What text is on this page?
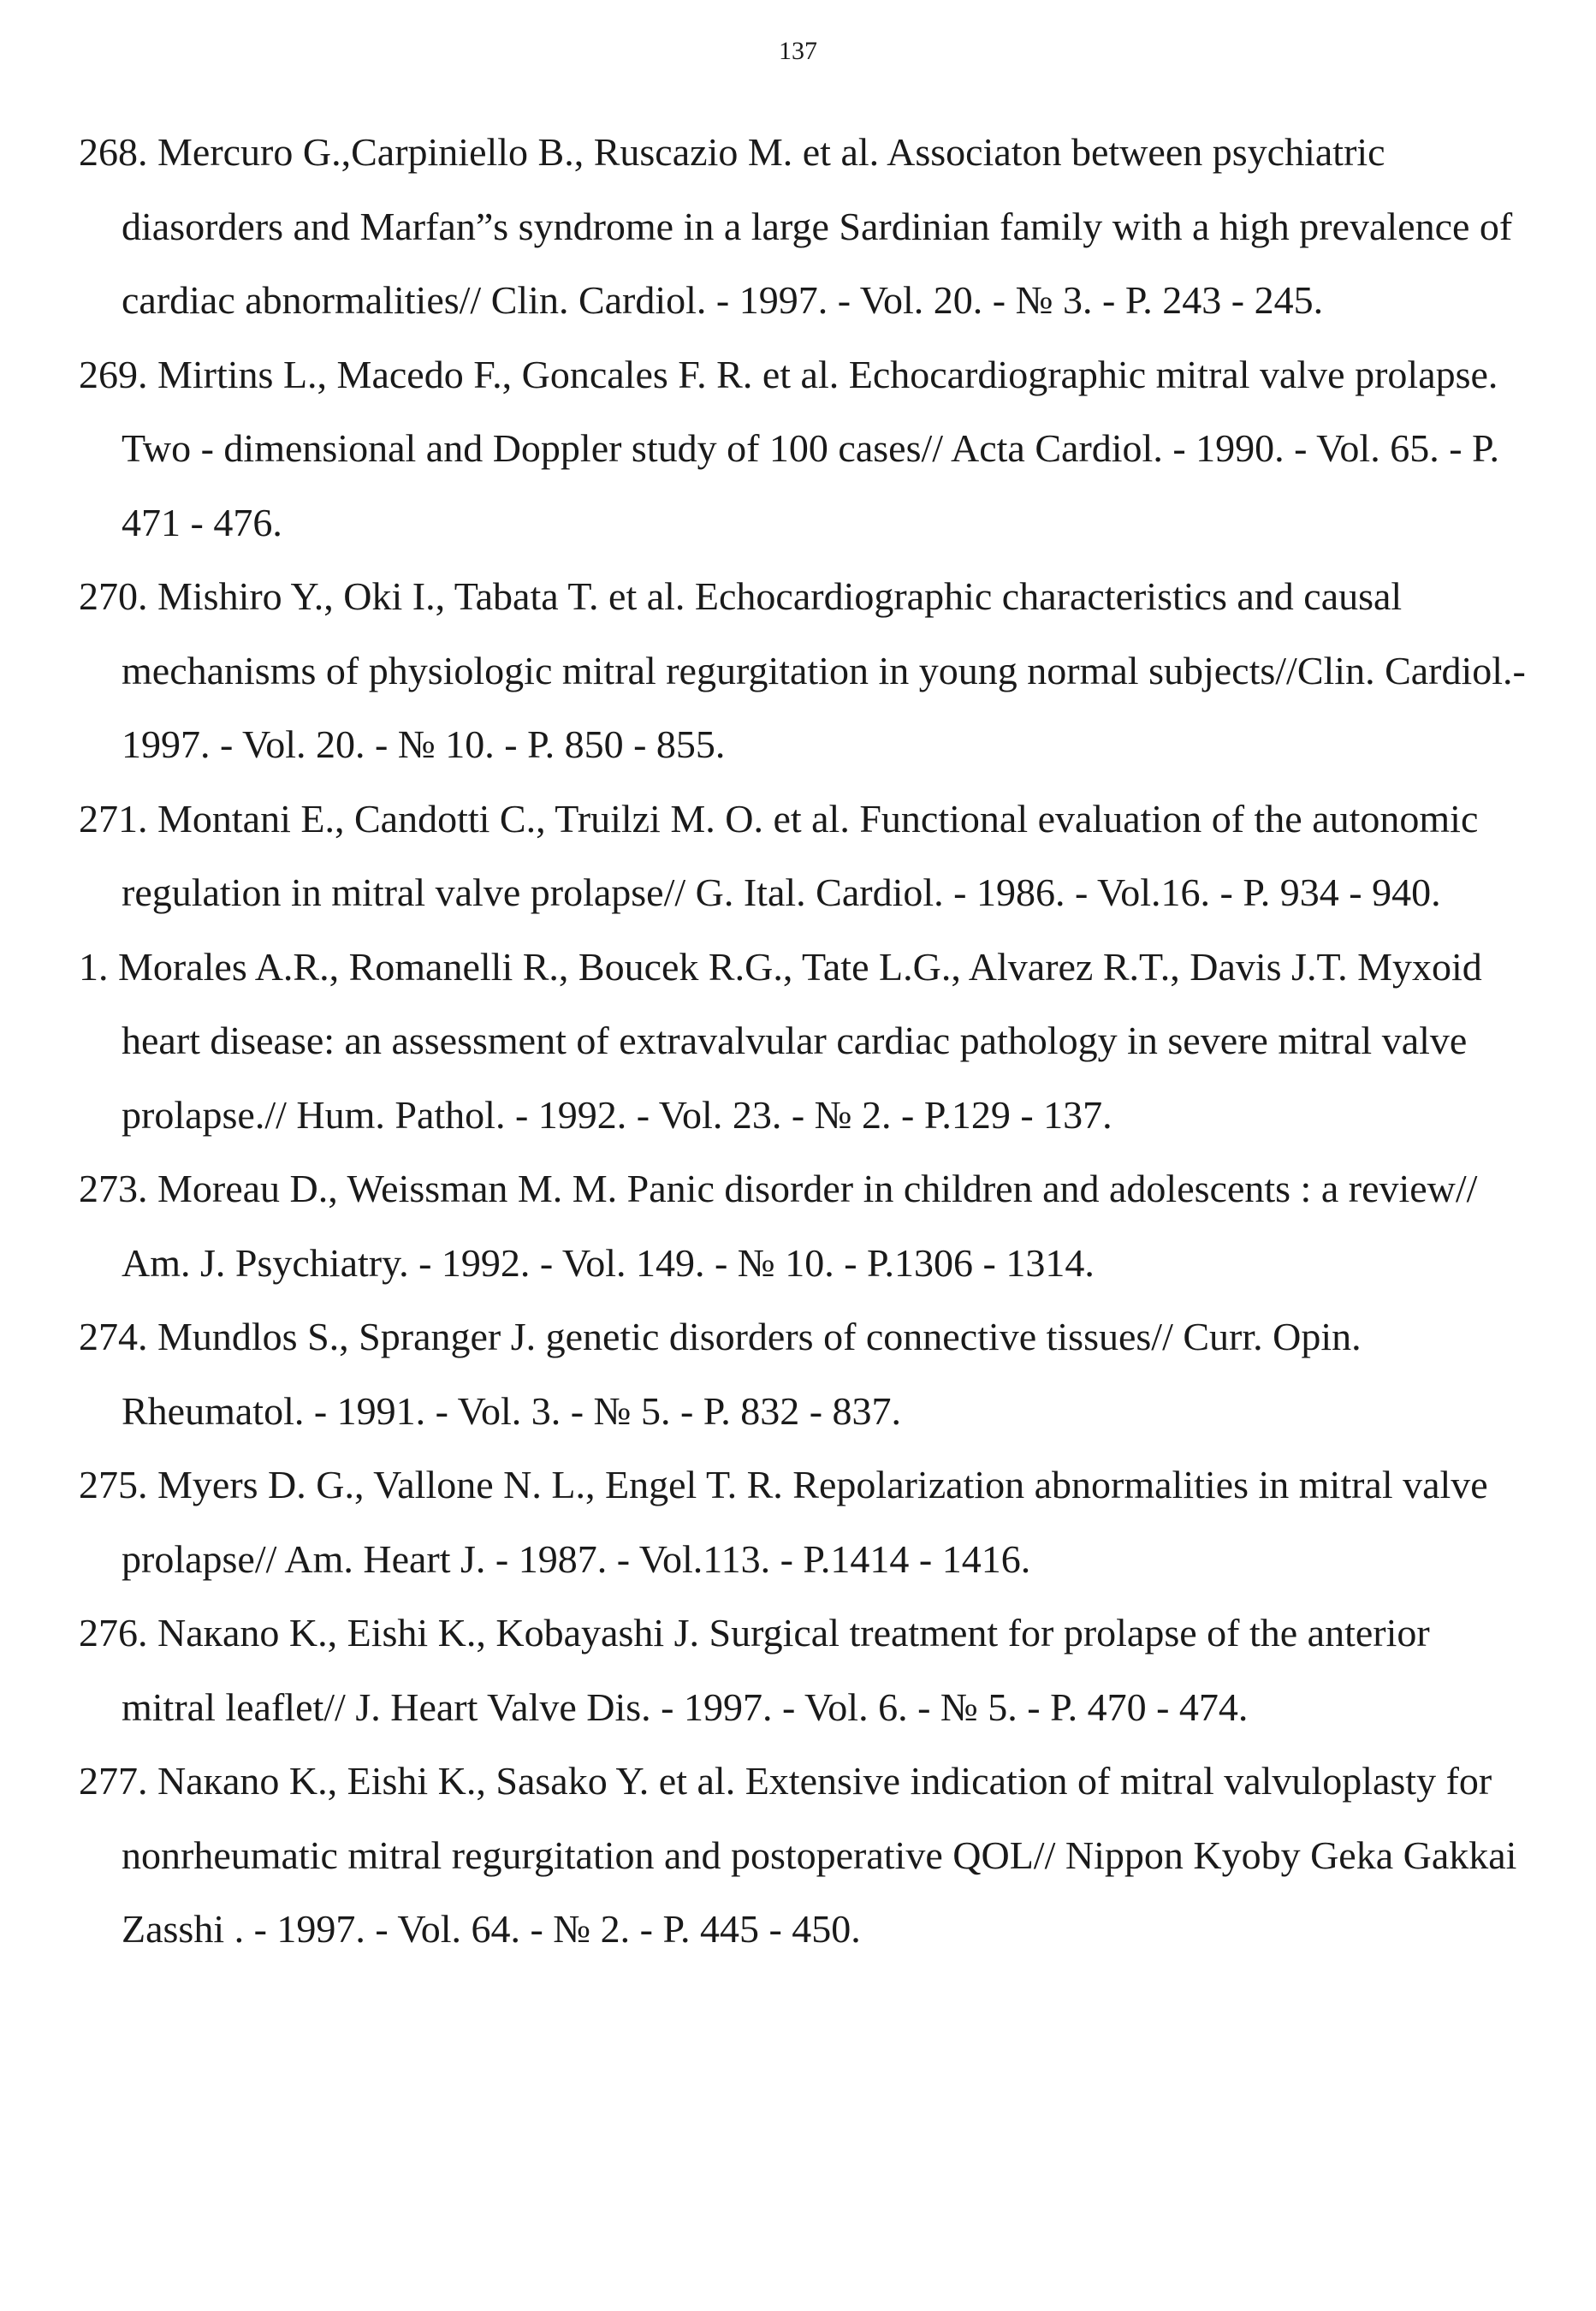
137
268. Mercuro G.,Carpiniello B., Ruscazio M. et al. Associaton between psychiatric diasorders and Marfan”s syndrome in a large Sardinian family with a high prevalence of cardiac abnormalities// Clin. Cardiol. - 1997. - Vol. 20. - № 3. - P. 243 - 245.
269. Mirtins L., Macedo F., Goncales F. R. et al. Echocardiographic mitral valve prolapse. Two - dimensional and Doppler study of 100 cases// Acta Cardiol. - 1990. - Vol. 65. - P. 471 - 476.
270. Mishiro Y., Oki I., Tabata T. et al. Echocardiographic characteristics and causal mechanisms of physiologic mitral regurgitation in young normal subjects//Clin. Cardiol.- 1997. - Vol. 20. - № 10. - P. 850 - 855.
271. Montani E., Candotti C., Truilzi M. O. et al. Functional evaluation of the autonomic regulation in mitral valve prolapse// G. Ital. Cardiol. - 1986. - Vol.16. - P. 934 - 940.
1. Morales A.R., Romanelli R., Boucek R.G., Tate L.G., Alvarez R.T., Davis J.T. Myxoid heart disease: an assessment of extravalvular cardiac pathology in severe mitral valve prolapse.// Hum. Pathol. - 1992. - Vol. 23. - № 2. - P.129 - 137.
273. Moreau D., Weissman M. M. Panic disorder in children and adolescents : a review// Am. J. Psychiatry. - 1992. - Vol. 149. - № 10. - P.1306 - 1314.
274. Mundlos S., Spranger J. genetic disorders of connective tissues// Curr. Opin. Rheumatol. - 1991. - Vol. 3. - № 5. - P. 832 - 837.
275. Myers D. G., Vallone N. L., Engel T. R. Repolarization abnormalities in mitral valve prolapse// Am. Heart J. - 1987. - Vol.113. - P.1414 - 1416.
276. Naкano K., Eishi K., Kobayashi J. Surgical treatment for prolapse of the anterior mitral leaflet// J. Heart Valve Dis. - 1997. - Vol. 6. - № 5. - P. 470 - 474.
277. Naкano K., Eishi K., Sasako Y. et al. Extensive indication of mitral valvuloplasty for nonrheumatic mitral regurgitation and postoperative QOL// Nippon Kyoby Geka Gakkai Zasshi . - 1997. - Vol. 64. - № 2. - P. 445 - 450.
